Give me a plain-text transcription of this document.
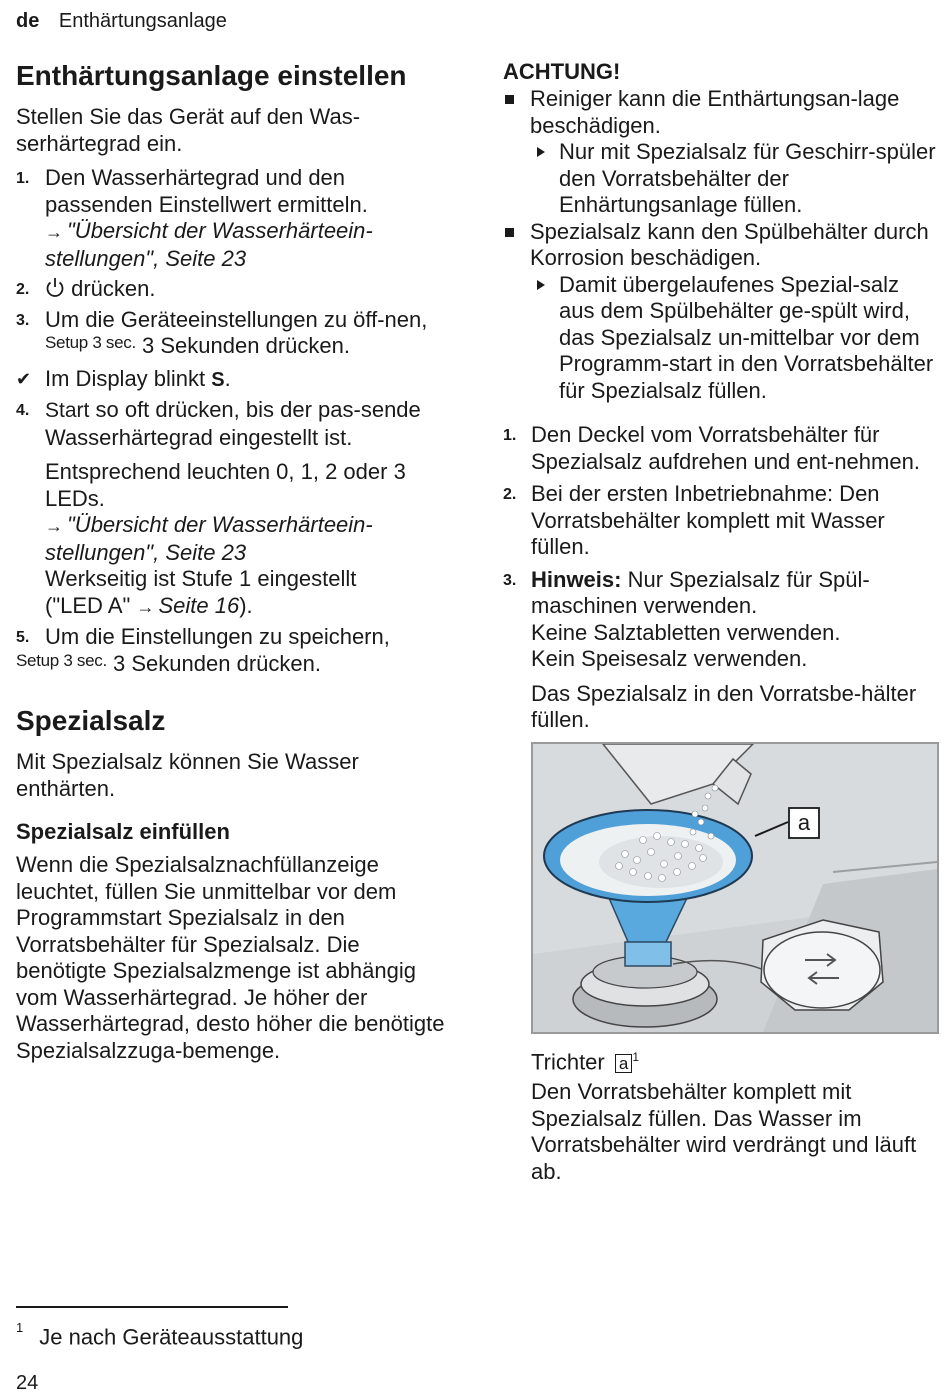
de Enthärtungsanlage
Enthärtungsanlage einstellen
Stellen Sie das Gerät auf den Was-serhärtegrad ein.
1. Den Wasserhärtegrad und den passenden Einstellwert ermitteln.
→ "Übersicht der Wasserhärteein-stellungen", Seite 23
2. drücken.
3. Um die Geräteeinstellungen zu öff-nen, $^{Setup 3 sec.}$ 3 Sekunden drücken.
✔ Im Display blinkt S.
4. Start so oft drücken, bis der pas-sende Wasserhärtegrad eingestellt ist.
Entsprechend leuchten 0, 1, 2 oder 3 LEDs.
→ "Übersicht der Wasserhärteein-stellungen", Seite 23
Werkseitig ist Stufe 1 eingestellt
("LED A" → Seite 16).
5. Um die Einstellungen zu speichern,
$^{Setup 3 sec.}$ 3 Sekunden drücken.
Spezialsalz
Mit Spezialsalz können Sie Wasser enthärten.
Spezialsalz einfüllen
Wenn die Spezialsalznachfüllanzeige leuchtet, füllen Sie unmittelbar vor dem Programmstart Spezialsalz in den Vorratsbehälter für Spezialsalz. Die benötigte Spezialsalzmenge ist abhängig vom Wasserhärtegrad. Je höher der Wasserhärtegrad, desto höher die benötigte Spezialsalzzuga-bemenge.
ACHTUNG!
Reiniger kann die Enthärtungsan-lage beschädigen.
Nur mit Spezialsalz für Geschirr-spüler den Vorratsbehälter der Enhärtungsanlage füllen.
Spezialsalz kann den Spülbehälter durch Korrosion beschädigen.
Damit übergelaufenes Spezial-salz aus dem Spülbehälter ge-spült wird, das Spezialsalz un-mittelbar vor dem Programm-start in den Vorratsbehälter für Spezialsalz füllen.
1. Den Deckel vom Vorratsbehälter für Spezialsalz aufdrehen und ent-nehmen.
2. Bei der ersten Inbetriebnahme: Den Vorratsbehälter komplett mit Wasser füllen.
3. Hinweis: Nur Spezialsalz für Spül-maschinen verwenden.
Keine Salztabletten verwenden.
Kein Speisesalz verwenden.
Das Spezialsalz in den Vorratsbe-hälter füllen.
a
Trichter a $^1$
Den Vorratsbehälter komplett mit Spezialsalz füllen. Das Wasser im Vorratsbehälter wird verdrängt und läuft ab.
$^1$ Je nach Geräteausstattung
24
